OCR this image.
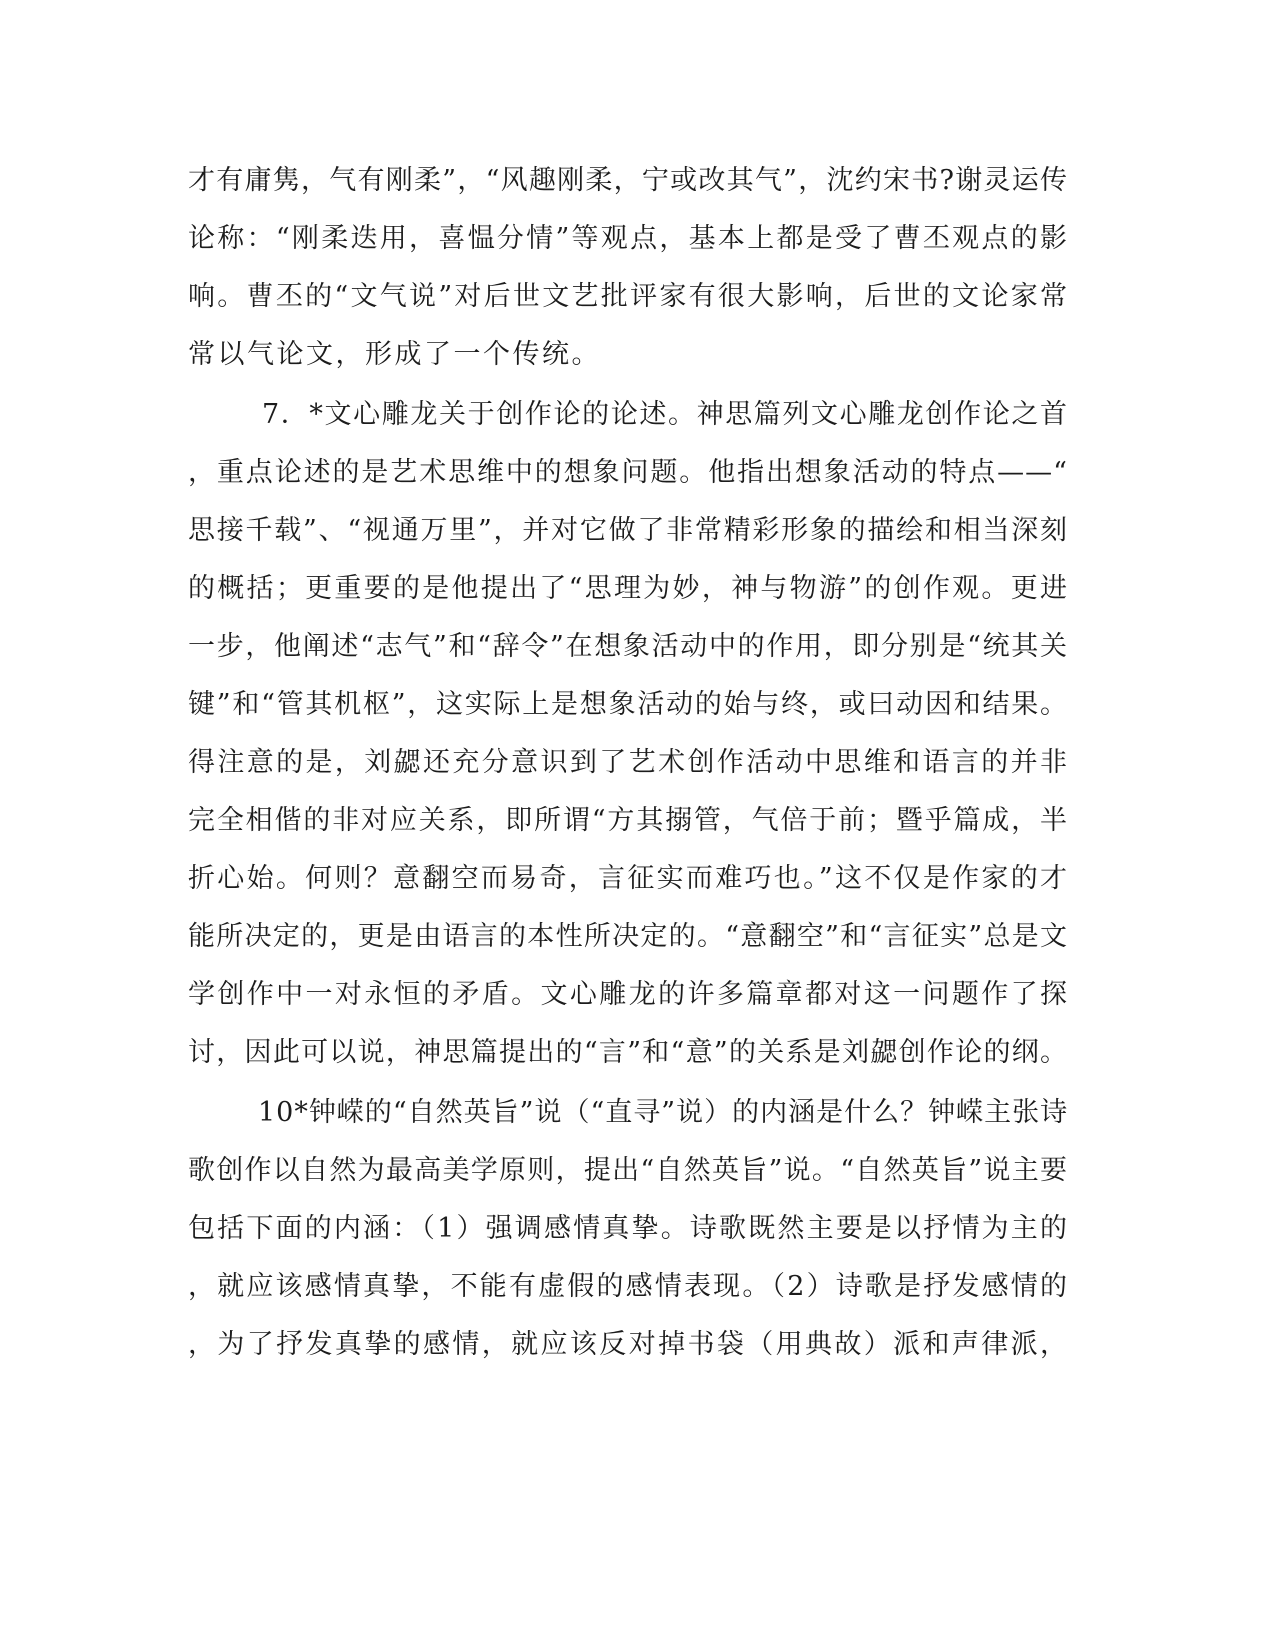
才有庸隽，气有刚柔”，“风趣刚柔，宁或改其气”，沈约宋书?谢灵运传
论称：“刚柔迭用，喜愠分情”等观点，基本上都是受了曹丕观点的影
响。曹丕的“文气说”对后世文艺批评家有很大影响，后世的文论家常
常以气论文，形成了一个传统。
7．*文心雕龙关于创作论的论述。神思篇列文心雕龙创作论之首
，重点论述的是艺术思维中的想象问题。他指出想象活动的特点——“
思接千载”、“视通万里”，并对它做了非常精彩形象的描绘和相当深刻
的概括；更重要的是他提出了“思理为妙，神与物游”的创作观。更进
一步，他阐述“志气”和“辞令”在想象活动中的作用，即分别是“统其关
键”和“管其机枢”，这实际上是想象活动的始与终，或曰动因和结果。
得注意的是，刘勰还充分意识到了艺术创作活动中思维和语言的并非
完全相偕的非对应关系，即所谓“方其搦管，气倍于前；暨乎篇成，半
折心始。何则？意翻空而易奇，言征实而难巧也。”这不仅是作家的才
能所决定的，更是由语言的本性所决定的。“意翻空”和“言征实”总是文
学创作中一对永恒的矛盾。文心雕龙的许多篇章都对这一问题作了探
讨，因此可以说，神思篇提出的“言”和“意”的关系是刘勰创作论的纲。
10*钟嵘的“自然英旨”说（“直寻”说）的内涵是什么？钟嵘主张诗
歌创作以自然为最高美学原则，提出“自然英旨”说。“自然英旨”说主要
包括下面的内涵：（1）强调感情真挚。诗歌既然主要是以抒情为主的
，就应该感情真挚，不能有虚假的感情表现。（2）诗歌是抒发感情的
，为了抒发真挚的感情，就应该反对掉书袋（用典故）派和声律派，
